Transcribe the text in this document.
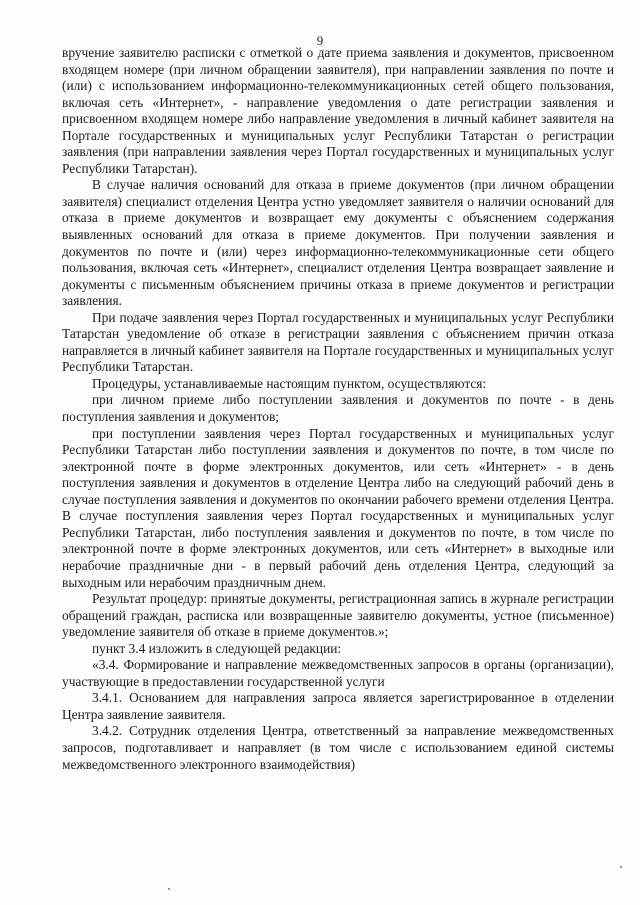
9

вручение заявителю расписки с отметкой о дате приема заявления и документов, присвоенном входящем номере (при личном обращении заявителя), при направлении заявления по почте и (или) с использованием информационно-телекоммуникационных сетей общего пользования, включая сеть «Интернет», - направление уведомления о дате регистрации заявления и присвоенном входящем номере либо направление уведомления в личный кабинет заявителя на Портале государственных и муниципальных услуг Республики Татарстан о регистрации заявления (при направлении заявления через Портал государственных и муниципальных услуг Республики Татарстан).

В случае наличия оснований для отказа в приеме документов (при личном обращении заявителя) специалист отделения Центра устно уведомляет заявителя о наличии оснований для отказа в приеме документов и возвращает ему документы с объяснением содержания выявленных оснований для отказа в приеме документов. При получении заявления и документов по почте и (или) через информационно-телекоммуникационные сети общего пользования, включая сеть «Интернет», специалист отделения Центра возвращает заявление и документы с письменным объяснением причины отказа в приеме документов и регистрации заявления.

При подаче заявления через Портал государственных и муниципальных услуг Республики Татарстан уведомление об отказе в регистрации заявления с объяснением причин отказа направляется в личный кабинет заявителя на Портале государственных и муниципальных услуг Республики Татарстан.

Процедуры, устанавливаемые настоящим пунктом, осуществляются:

при личном приеме либо поступлении заявления и документов по почте - в день поступления заявления и документов;

при поступлении заявления через Портал государственных и муниципальных услуг Республики Татарстан либо поступлении заявления и документов по почте, в том числе по электронной почте в форме электронных документов, или сеть «Интернет» - в день поступления заявления и документов в отделение Центра либо на следующий рабочий день в случае поступления заявления и документов по окончании рабочего времени отделения Центра. В случае поступления заявления через Портал государственных и муниципальных услуг Республики Татарстан, либо поступления заявления и документов по почте, в том числе по электронной почте в форме электронных документов, или сеть «Интернет» в выходные или нерабочие праздничные дни - в первый рабочий день отделения Центра, следующий за выходным или нерабочим праздничным днем.

Результат процедур: принятые документы, регистрационная запись в журнале регистрации обращений граждан, расписка или возвращенные заявителю документы, устное (письменное) уведомление заявителя об отказе в приеме документов.»;

пункт 3.4 изложить в следующей редакции:

«3.4. Формирование и направление межведомственных запросов в органы (организации), участвующие в предоставлении государственной услуги

3.4.1. Основанием для направления запроса является зарегистрированное в отделении Центра заявление заявителя.

3.4.2. Сотрудник отделения Центра, ответственный за направление межведомственных запросов, подготавливает и направляет (в том числе с использованием единой системы межведомственного электронного взаимодействия)
